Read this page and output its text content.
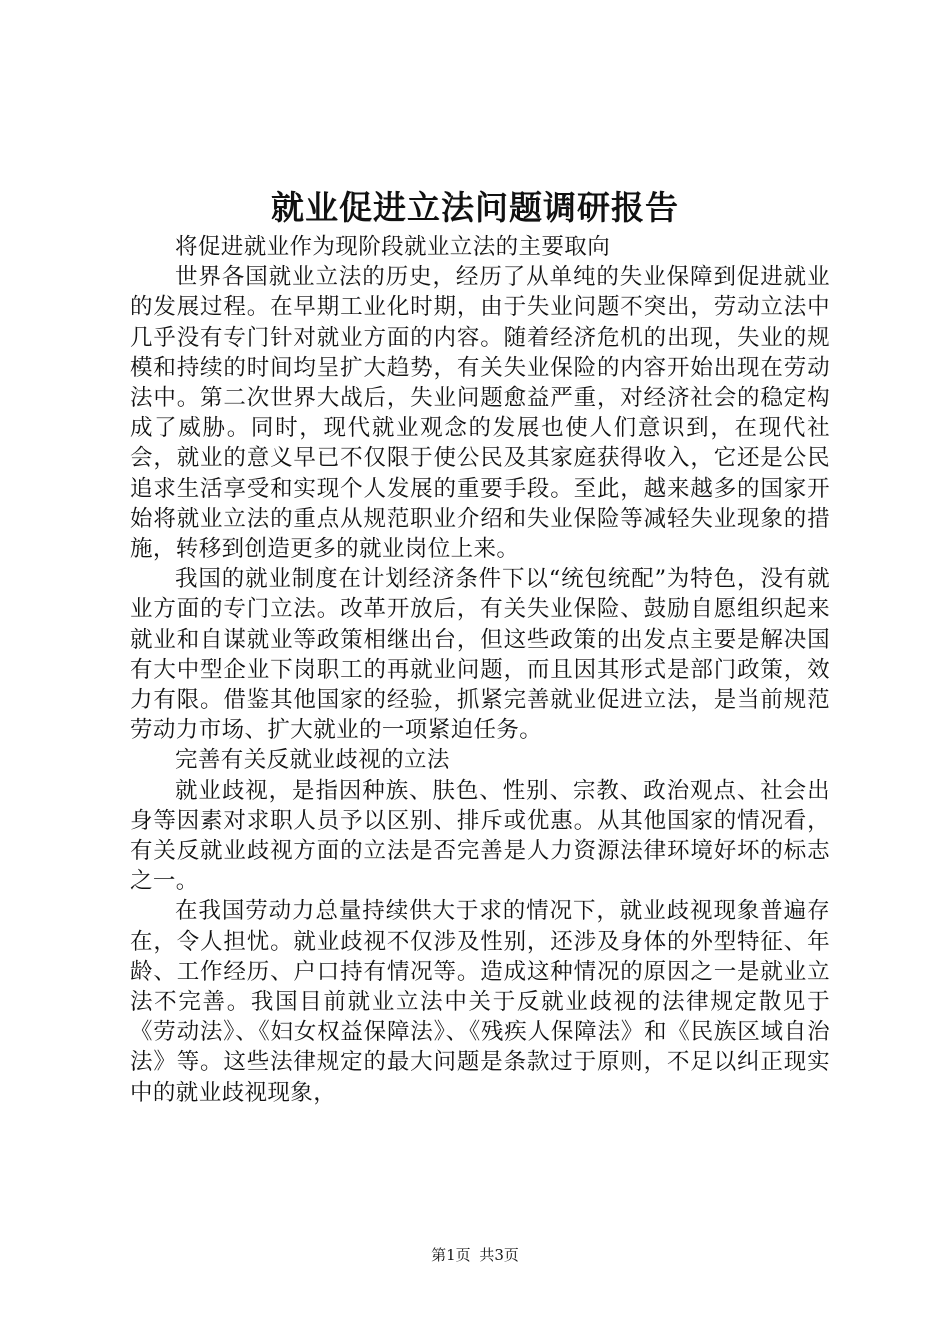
就业促进立法问题调研报告

将促进就业作为现阶段就业立法的主要取向

世界各国就业立法的历史，经历了从单纯的失业保障到促进就业的发展过程。在早期工业化时期，由于失业问题不突出，劳动立法中几乎没有专门针对就业方面的内容。随着经济危机的出现，失业的规模和持续的时间均呈扩大趋势，有关失业保险的内容开始出现在劳动法中。第二次世界大战后，失业问题愈益严重，对经济社会的稳定构成了威胁。同时，现代就业观念的发展也使人们意识到，在现代社会，就业的意义早已不仅限于使公民及其家庭获得收入，它还是公民追求生活享受和实现个人发展的重要手段。至此，越来越多的国家开始将就业立法的重点从规范职业介绍和失业保险等减轻失业现象的措施，转移到创造更多的就业岗位上来。

我国的就业制度在计划经济条件下以“统包统配”为特色，没有就业方面的专门立法。改革开放后，有关失业保险、鼓励自愿组织起来就业和自谋就业等政策相继出台，但这些政策的出发点主要是解决国有大中型企业下岗职工的再就业问题，而且因其形式是部门政策，效力有限。借鉴其他国家的经验，抓紧完善就业促进立法，是当前规范劳动力市场、扩大就业的一项紧迫任务。

完善有关反就业歧视的立法

就业歧视，是指因种族、肤色、性别、宗教、政治观点、社会出身等因素对求职人员予以区别、排斥或优惠。从其他国家的情况看，有关反就业歧视方面的立法是否完善是人力资源法律环境好坏的标志之一。

在我国劳动力总量持续供大于求的情况下，就业歧视现象普遍存在，令人担忧。就业歧视不仅涉及性别，还涉及身体的外型特征、年龄、工作经历、户口持有情况等。造成这种情况的原因之一是就业立法不完善。我国目前就业立法中关于反就业歧视的法律规定散见于《劳动法》、《妇女权益保障法》、《残疾人保障法》和《民族区域自治法》等。这些法律规定的最大问题是条款过于原则，不足以纠正现实中的就业歧视现象，

第1页 共3页
